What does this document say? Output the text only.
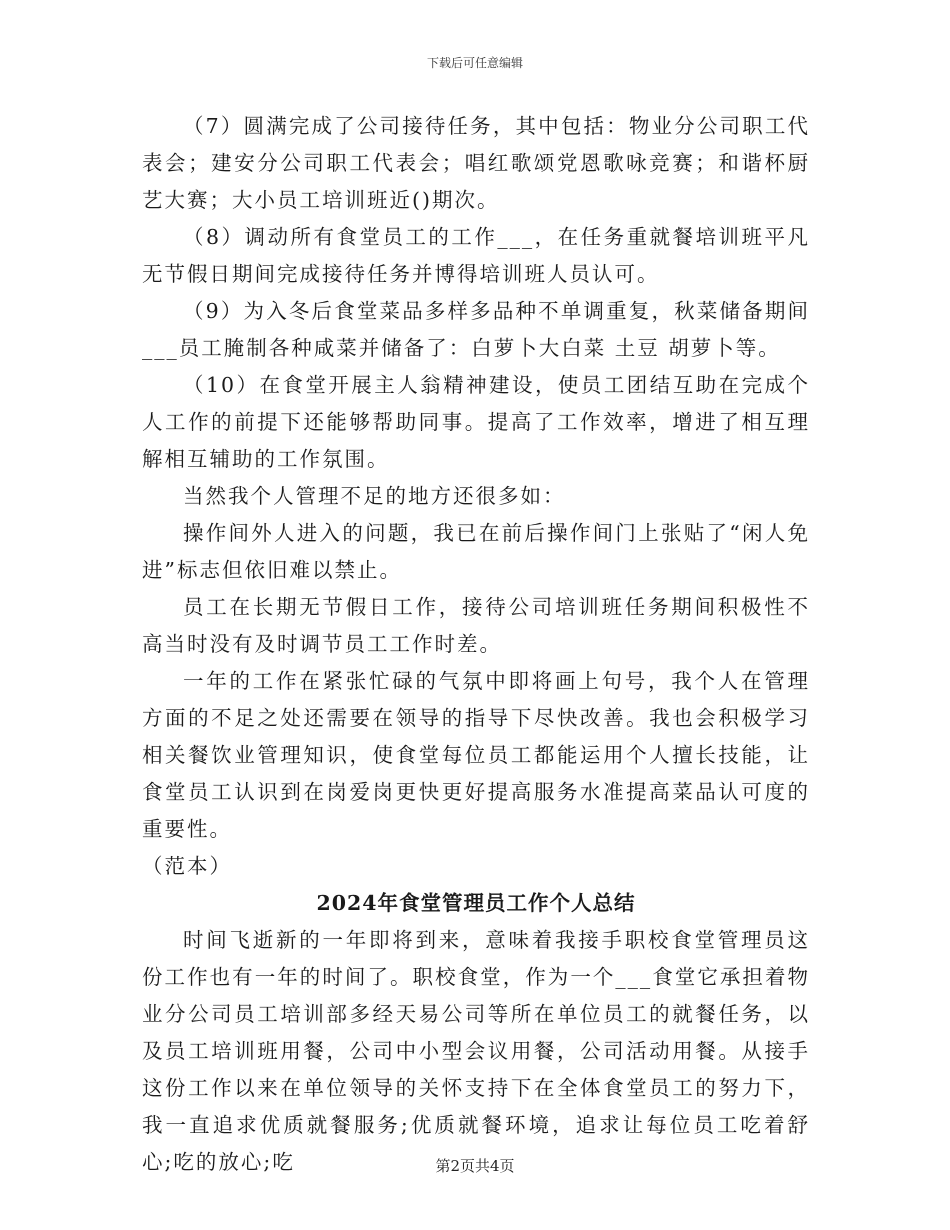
下载后可任意编辑

（7）圆满完成了公司接待任务，其中包括：物业分公司职工代表会；建安分公司职工代表会；唱红歌颂党恩歌咏竞赛；和谐杯厨艺大赛；大小员工培训班近()期次。

（8）调动所有食堂员工的工作___，在任务重就餐培训班平凡无节假日期间完成接待任务并博得培训班人员认可。

（9）为入冬后食堂菜品多样多品种不单调重复，秋菜储备期间___员工腌制各种咸菜并储备了：白萝卜大白菜 土豆 胡萝卜等。

（10）在食堂开展主人翁精神建设，使员工团结互助在完成个人工作的前提下还能够帮助同事。提高了工作效率，增进了相互理解相互辅助的工作氛围。

当然我个人管理不足的地方还很多如：

操作间外人进入的问题，我已在前后操作间门上张贴了“闲人免进”标志但依旧难以禁止。

员工在长期无节假日工作，接待公司培训班任务期间积极性不高当时没有及时调节员工工作时差。

一年的工作在紧张忙碌的气氛中即将画上句号，我个人在管理方面的不足之处还需要在领导的指导下尽快改善。我也会积极学习相关餐饮业管理知识，使食堂每位员工都能运用个人擅长技能，让食堂员工认识到在岗爱岗更快更好提高服务水准提高菜品认可度的重要性。

（范本）

2024年食堂管理员工作个人总结

时间飞逝新的一年即将到来，意味着我接手职校食堂管理员这份工作也有一年的时间了。职校食堂，作为一个___食堂它承担着物业分公司员工培训部多经天易公司等所在单位员工的就餐任务，以及员工培训班用餐，公司中小型会议用餐，公司活动用餐。从接手这份工作以来在单位领导的关怀支持下在全体食堂员工的努力下，我一直追求优质就餐服务;优质就餐环境，追求让每位员工吃着舒心;吃的放心;吃	第2页共4页
